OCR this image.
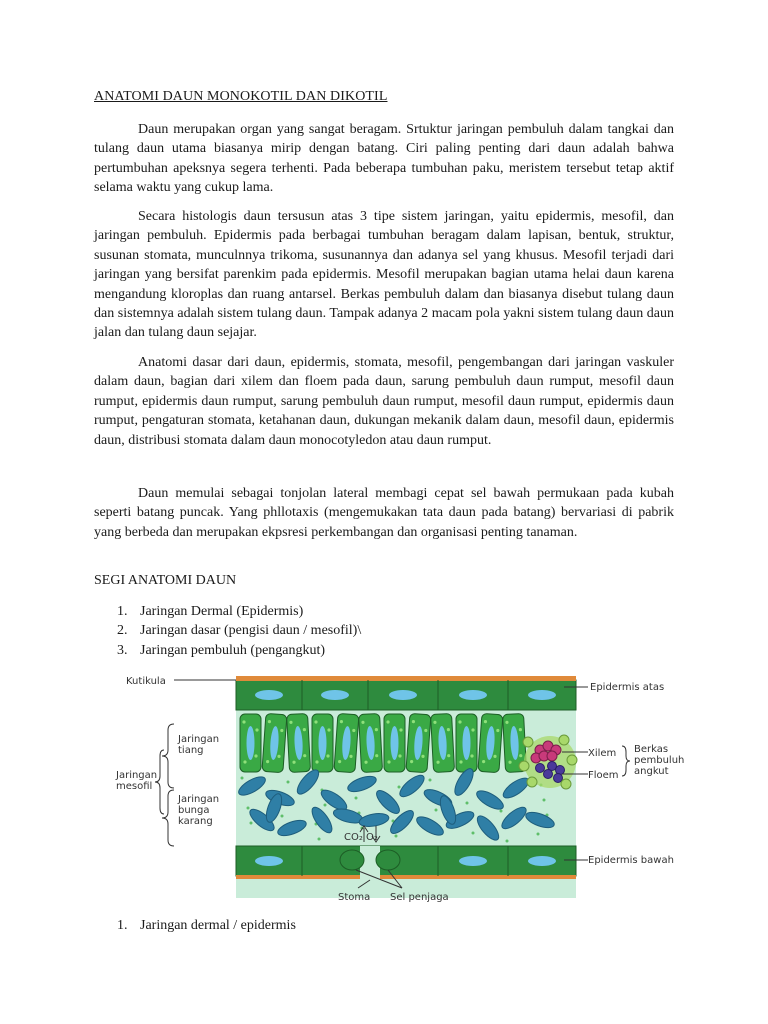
ANATOMI DAUN MONOKOTIL DAN DIKOTIL

Daun merupakan organ yang sangat beragam. Srtuktur jaringan pembuluh dalam tangkai dan tulang daun utama biasanya mirip dengan batang. Ciri paling penting dari daun adalah bahwa pertumbuhan apeksnya segera terhenti. Pada beberapa tumbuhan paku, meristem tersebut tetap aktif selama waktu yang cukup lama.

Secara histologis daun tersusun atas 3 tipe sistem jaringan, yaitu epidermis, mesofil, dan jaringan pembuluh. Epidermis pada berbagai tumbuhan beragam dalam lapisan, bentuk, struktur, susunan stomata, munculnnya trikoma, susunannya dan adanya sel yang khusus. Mesofil terjadi dari jaringan yang bersifat parenkim pada epidermis. Mesofil merupakan bagian utama helai daun karena mengandung kloroplas dan ruang antarsel. Berkas pembuluh dalam dan biasanya disebut tulang daun dan sistemnya adalah sistem tulang daun. Tampak adanya 2 macam pola yakni sistem tulang daun daun jalan dan tulang daun sejajar.

Anatomi dasar dari daun, epidermis, stomata, mesofil, pengembangan dari jaringan vaskuler dalam daun, bagian dari xilem dan floem pada daun, sarung pembuluh daun rumput, mesofil daun rumput, epidermis daun rumput, sarung pembuluh daun rumput, mesofil daun rumput, epidermis daun rumput, pengaturan stomata, ketahanan daun, dukungan mekanik dalam daun, mesofil daun, epidermis daun, distribusi stomata dalam daun monocotyledon atau daun rumput.

Daun memulai sebagai tonjolan lateral membagi cepat sel bawah permukaan pada kubah seperti batang puncak. Yang phllotaxis (mengemukakan tata daun pada batang) bervariasi di pabrik yang berbeda dan merupakan ekpsresi perkembangan dan organisasi penting tanaman.

SEGI ANATOMI DAUN
1. Jaringan Dermal (Epidermis)
2. Jaringan dasar (pengisi daun / mesofil)\
3. Jaringan pembuluh (pengangkut)
CO₂ O₂
Kutikula
Jaringan
tiang
Jaringan
bunga
karang
Jaringan
mesofil
Epidermis atas
Xilem
Floem
Berkas
pembuluh
angkut
Epidermis bawah
Stoma Sel penjaga
1. Jaringan dermal / epidermis
